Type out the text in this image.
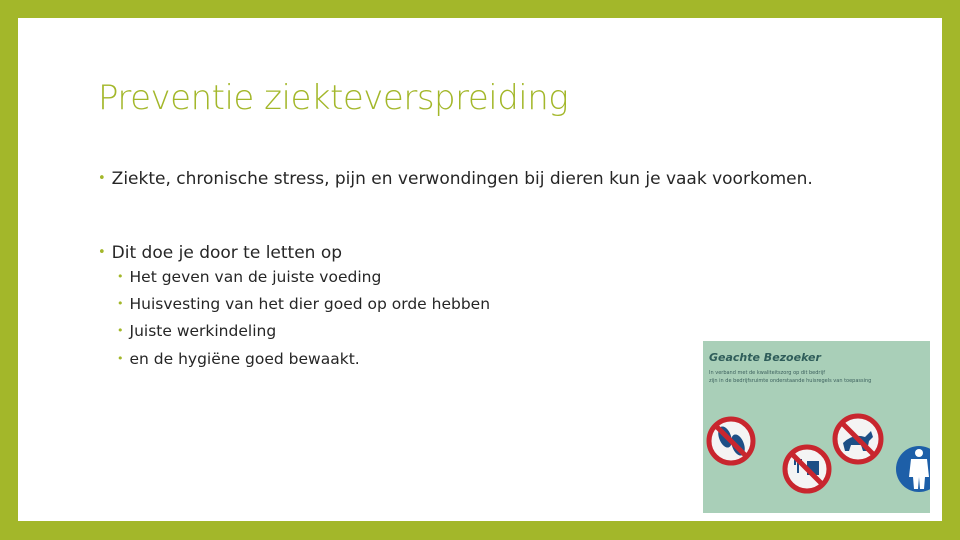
Preventie ziekteverspreiding
• Ziekte, chronische stress, pijn en verwondingen bij dieren kun je vaak voorkomen.
• Dit doe je door te letten op
• Het geven van de juiste voeding
• Huisvesting van het dier goed op orde hebben
• Juiste werkindeling
• en de hygiëne goed bewaakt.	Geachte Bezoeker
In verband met de kwaliteitszorg op dit bedrijf
zijn in de bedrijfsruimte onderstaande huisregels van toepassing
